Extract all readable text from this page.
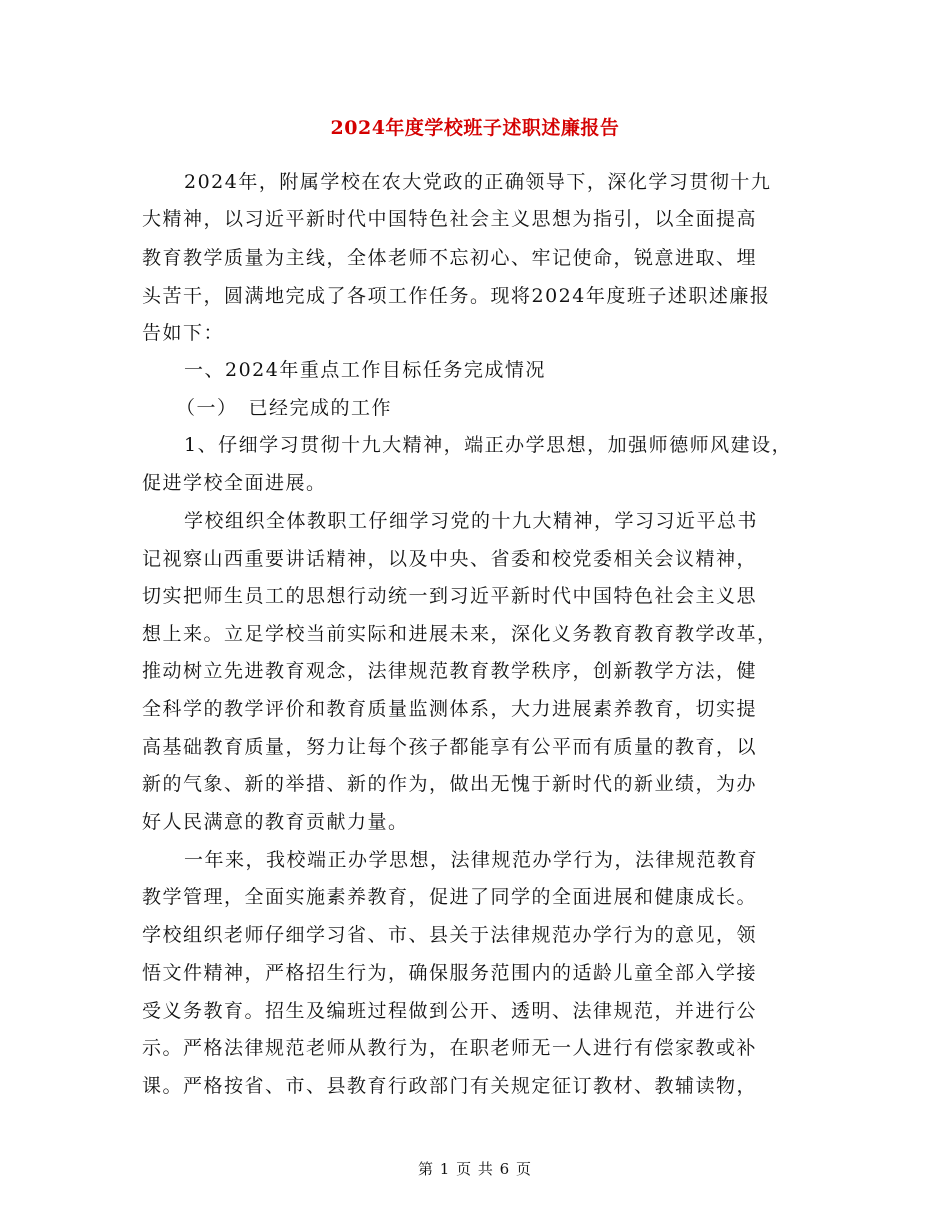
2024年度学校班子述职述廉报告
2024年，附属学校在农大党政的正确领导下，深化学习贯彻十九
大精神，以习近平新时代中国特色社会主义思想为指引，以全面提高
教育教学质量为主线，全体老师不忘初心、牢记使命，锐意进取、埋
头苦干，圆满地完成了各项工作任务。现将2024年度班子述职述廉报
告如下：
一、2024年重点工作目标任务完成情况
（一）　已经完成的工作
1、仔细学习贯彻十九大精神，端正办学思想，加强师德师风建设，
促进学校全面进展。
学校组织全体教职工仔细学习党的十九大精神，学习习近平总书
记视察山西重要讲话精神，以及中央、省委和校党委相关会议精神，
切实把师生员工的思想行动统一到习近平新时代中国特色社会主义思
想上来。立足学校当前实际和进展未来，深化义务教育教育教学改革，
推动树立先进教育观念，法律规范教育教学秩序，创新教学方法，健
全科学的教学评价和教育质量监测体系，大力进展素养教育，切实提
高基础教育质量，努力让每个孩子都能享有公平而有质量的教育，以
新的气象、新的举措、新的作为，做出无愧于新时代的新业绩，为办
好人民满意的教育贡献力量。
一年来，我校端正办学思想，法律规范办学行为，法律规范教育
教学管理，全面实施素养教育，促进了同学的全面进展和健康成长。
学校组织老师仔细学习省、市、县关于法律规范办学行为的意见，领
悟文件精神，严格招生行为，确保服务范围内的适龄儿童全部入学接
受义务教育。招生及编班过程做到公开、透明、法律规范，并进行公
示。严格法律规范老师从教行为，在职老师无一人进行有偿家教或补
课。严格按省、市、县教育行政部门有关规定征订教材、教辅读物，
第 1 页 共 6 页
